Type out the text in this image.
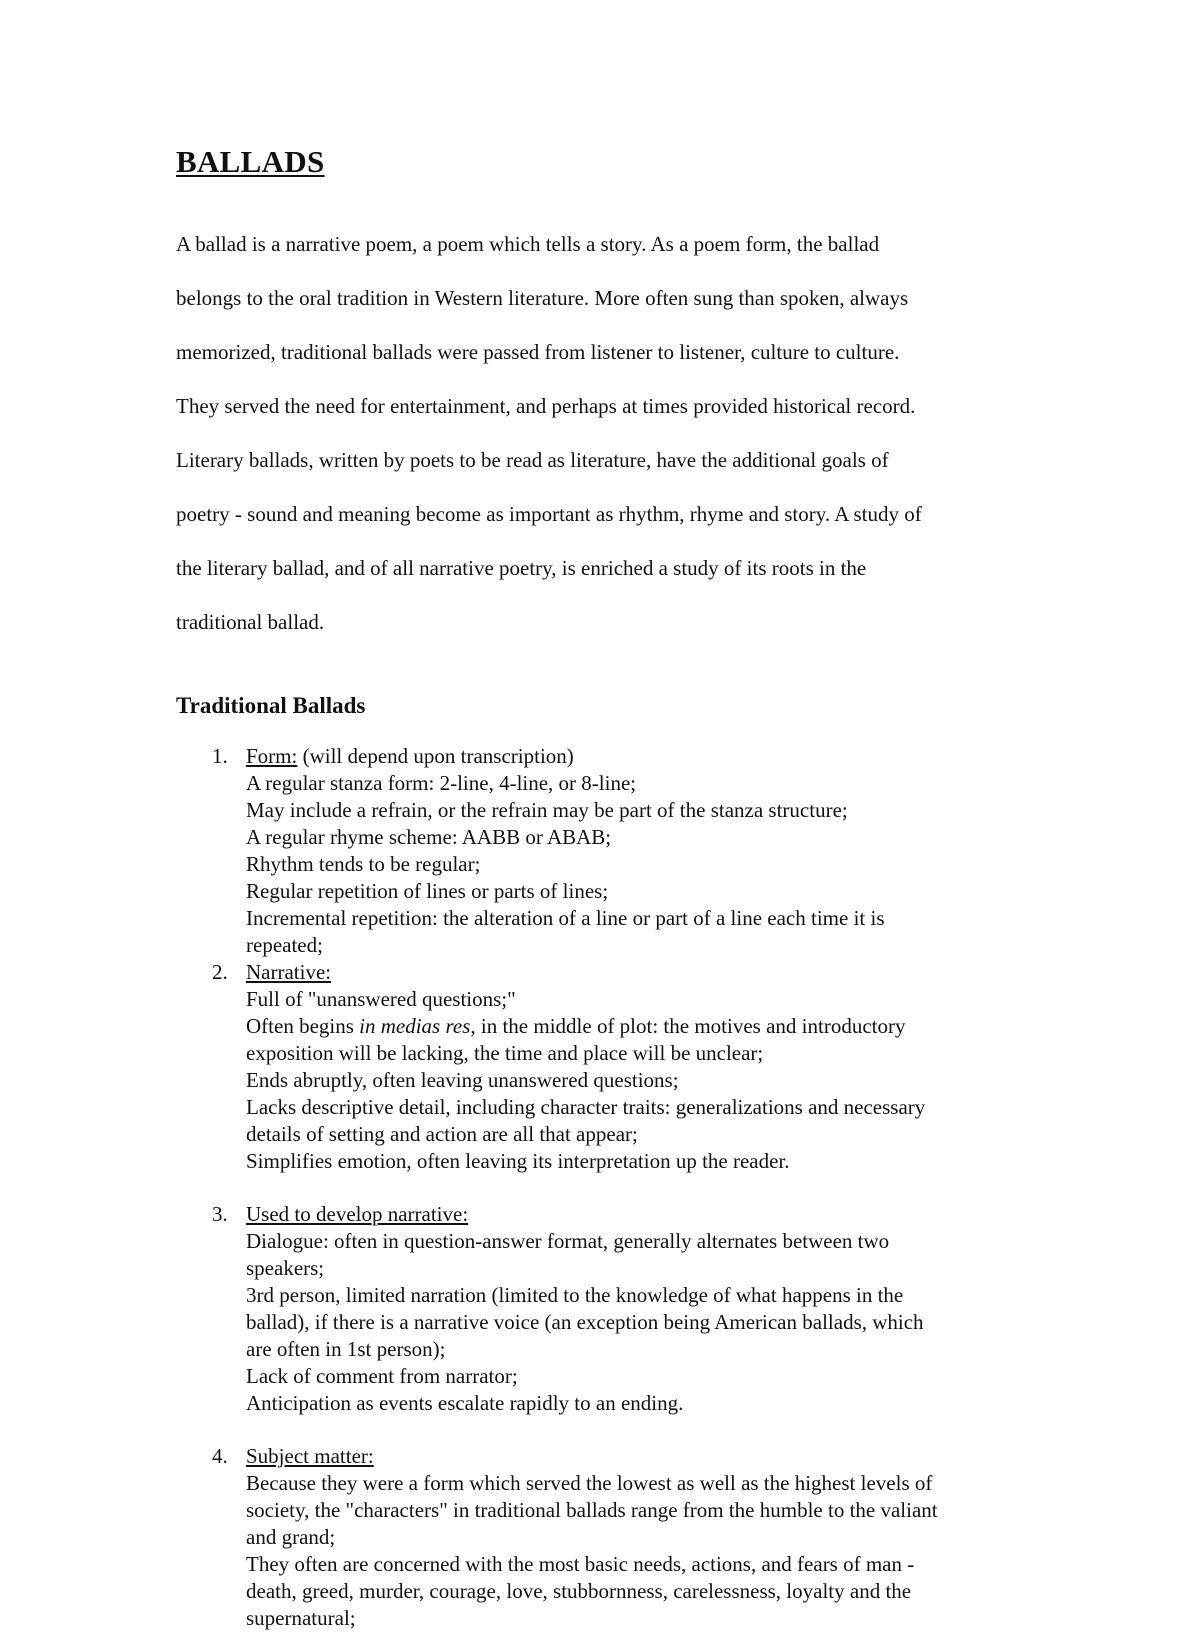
BALLADS

A ballad is a narrative poem, a poem which tells a story. As a poem form, the ballad

belongs to the oral tradition in Western literature. More often sung than spoken, always

memorized, traditional ballads were passed from listener to listener, culture to culture.

They served the need for entertainment, and perhaps at times provided historical record.

Literary ballads, written by poets to be read as literature, have the additional goals of

poetry - sound and meaning become as important as rhythm, rhyme and story. A study of

the literary ballad, and of all narrative poetry, is enriched a study of its roots in the

traditional ballad.

Traditional Ballads
1. Form: (will depend upon transcription)
A regular stanza form: 2-line, 4-line, or 8-line;
May include a refrain, or the refrain may be part of the stanza structure;
A regular rhyme scheme: AABB or ABAB;
Rhythm tends to be regular;
Regular repetition of lines or parts of lines;
Incremental repetition: the alteration of a line or part of a line each time it is
repeated;
2. Narrative:
Full of "unanswered questions;"
Often begins in medias res, in the middle of plot: the motives and introductory
exposition will be lacking, the time and place will be unclear;
Ends abruptly, often leaving unanswered questions;
Lacks descriptive detail, including character traits: generalizations and necessary
details of setting and action are all that appear;
Simplifies emotion, often leaving its interpretation up the reader.
3. Used to develop narrative:
Dialogue: often in question-answer format, generally alternates between two
speakers;
3rd person, limited narration (limited to the knowledge of what happens in the
ballad), if there is a narrative voice (an exception being American ballads, which
are often in 1st person);
Lack of comment from narrator;
Anticipation as events escalate rapidly to an ending.
4. Subject matter:
Because they were a form which served the lowest as well as the highest levels of
society, the "characters" in traditional ballads range from the humble to the valiant
and grand;
They often are concerned with the most basic needs, actions, and fears of man -
death, greed, murder, courage, love, stubbornness, carelessness, loyalty and the
supernatural;
